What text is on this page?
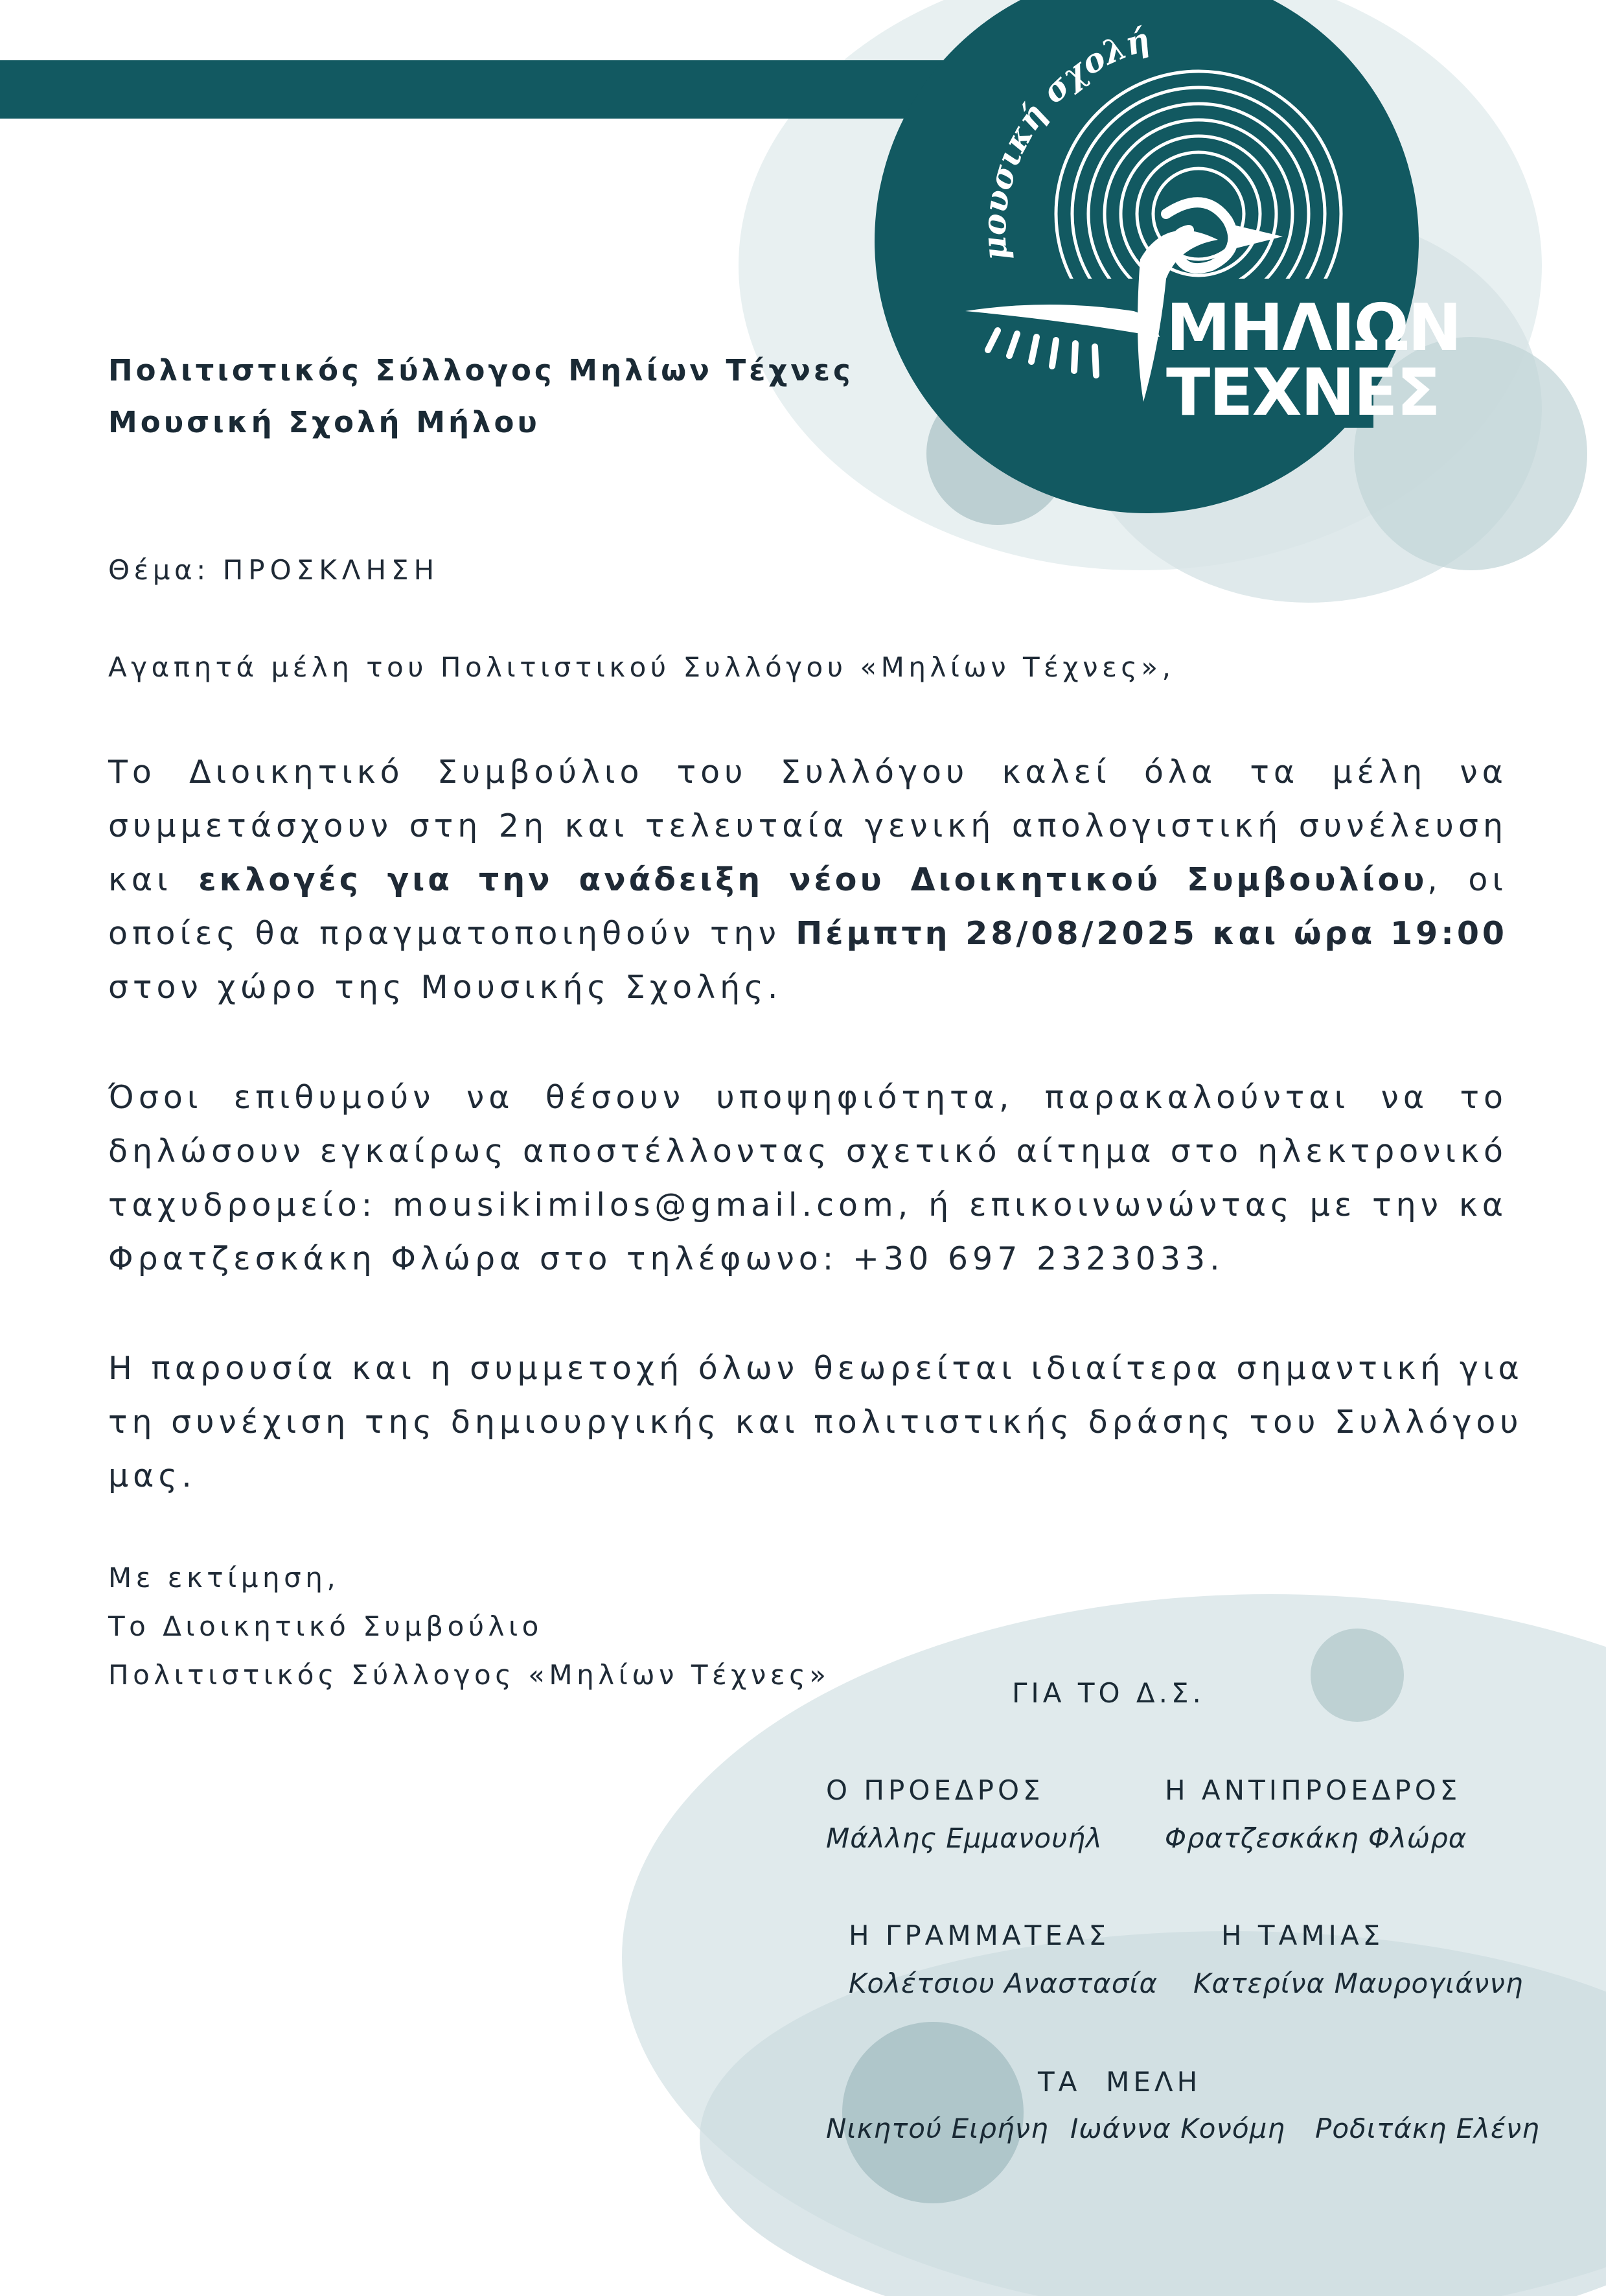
μουσική σχολή
ΜΗΛΙΩΝ
ΤΕΧΝΕΣ
Πολιτιστικός Σύλλογος Μηλίων Τέχνες
Μουσική Σχολή Μήλου
Θέμα: ΠΡΟΣΚΛΗΣΗ
Αγαπητά μέλη του Πολιτιστικού Συλλόγου «Μηλίων Τέχνες»,
Το Διοικητικό Συμβούλιο του Συλλόγου καλεί όλα τα μέλη να
συμμετάσχουν στη 2η και τελευταία γενική απολογιστική συνέλευση
και εκλογές για την ανάδειξη νέου Διοικητικού Συμβουλίου, οι
οποίες θα πραγματοποιηθούν την Πέμπτη 28/08/2025 και ώρα 19:00
στον χώρο της Μουσικής Σχολής.
Όσοι επιθυμούν να θέσουν υποψηφιότητα, παρακαλούνται να το
δηλώσουν εγκαίρως αποστέλλοντας σχετικό αίτημα στο ηλεκτρονικό
ταχυδρομείο: mousikimilos@gmail.com, ή επικοινωνώντας με την κα
Φρατζεσκάκη Φλώρα στο τηλέφωνο: +30 697 2323033.
Η παρουσία και η συμμετοχή όλων θεωρείται ιδιαίτερα σημαντική για
τη συνέχιση της δημιουργικής και πολιτιστικής δράσης του Συλλόγου
μας.
Με εκτίμηση,
Το Διοικητικό Συμβούλιο
Πολιτιστικός Σύλλογος «Μηλίων Τέχνες»
ΓΙΑ ΤΟ Δ.Σ.
Ο ΠΡΟΕΔΡΟΣ
Μάλλης Εμμανουήλ
Η ΑΝΤΙΠΡΟΕΔΡΟΣ
Φρατζεσκάκη Φλώρα
Η ΓΡΑΜΜΑΤΕΑΣ
Κολέτσιου Αναστασία
Η ΤΑΜΙΑΣ
Κατερίνα Μαυρογιάννη
ΤΑ  ΜΕΛΗ
Νικητού Ειρήνη Ιωάννα Κονόμη Ροδιτάκη Ελένη
